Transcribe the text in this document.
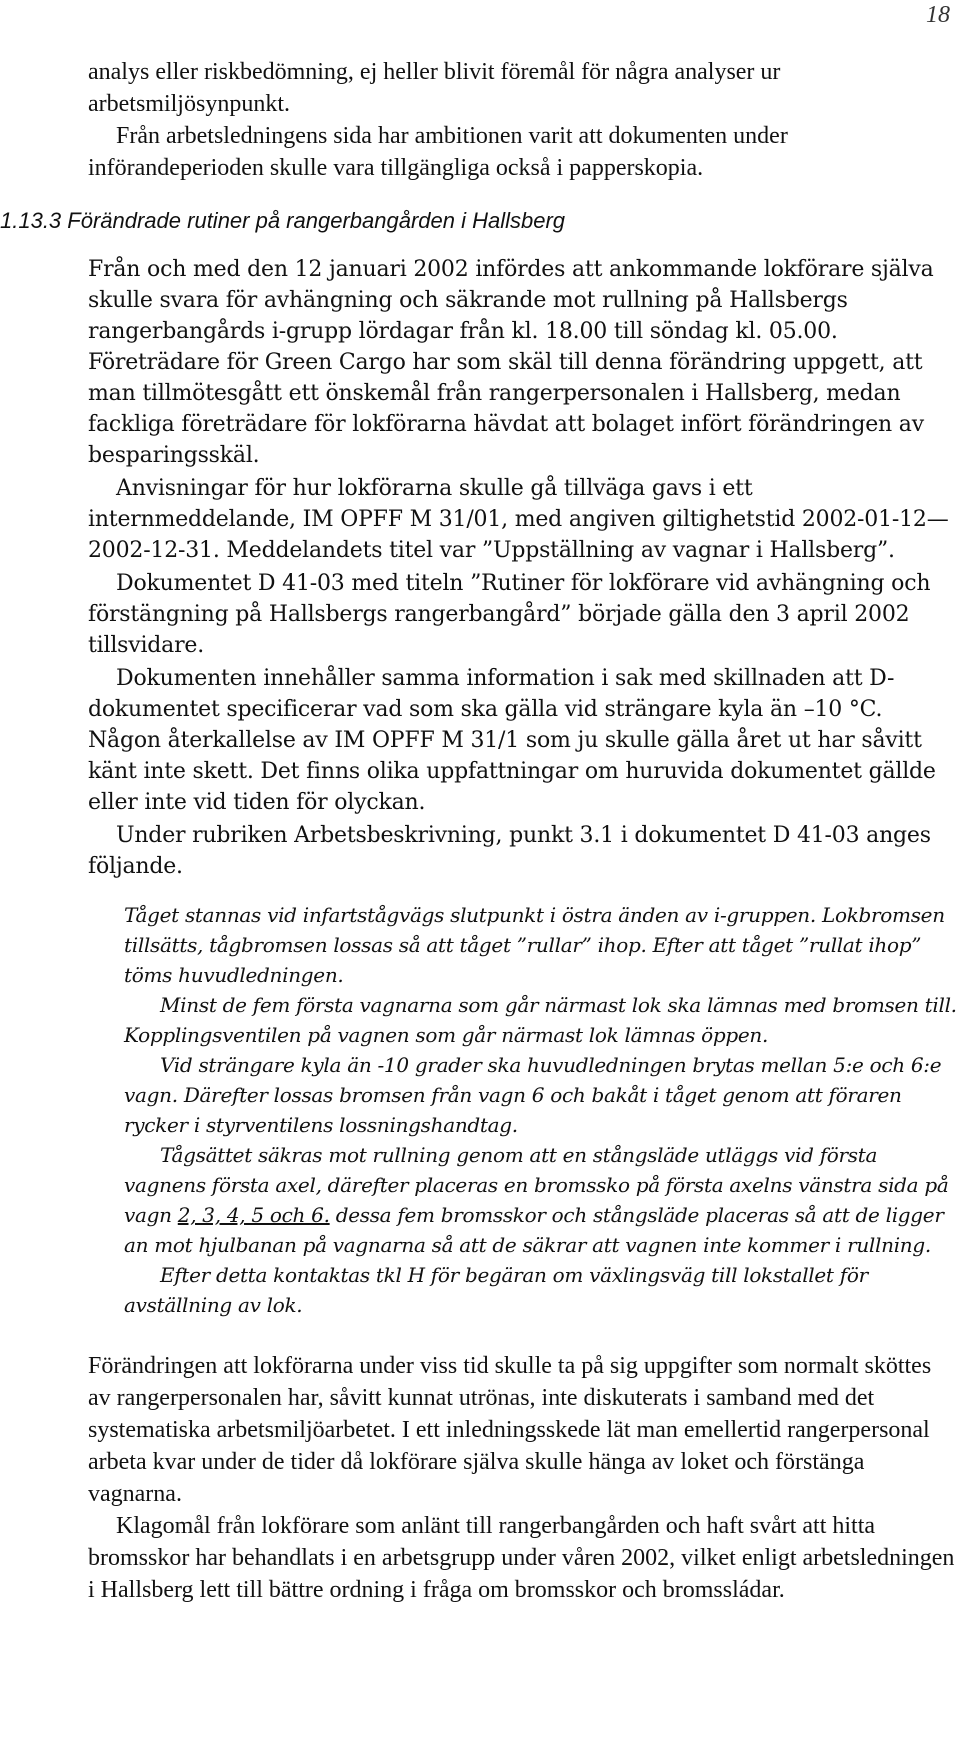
18

analys eller riskbedömning, ej heller blivit föremål för några analyser ur arbetsmiljösynpunkt.

Från arbetsledningens sida har ambitionen varit att dokumenten under införandeperioden skulle vara tillgängliga också i papperskopia.

1.13.3 Förändrade rutiner på rangerbangården i Hallsberg

Från och med den 12 januari 2002 infördes att ankommande lokförare själva skulle svara för avhängning och säkrande mot rullning på Hallsbergs rangerbangårds i-grupp lördagar från kl. 18.00 till söndag kl. 05.00. Företrädare för Green Cargo har som skäl till denna förändring uppgett, att man tillmötesgått ett önskemål från rangerpersonalen i Hallsberg, medan fackliga företrädare för lokförarna hävdat att bolaget infört förändringen av besparingsskäl.

Anvisningar för hur lokförarna skulle gå tillväga gavs i ett internmeddelande, IM OPFF M 31/01, med angiven giltighetstid 2002-01-12—2002-12-31. Meddelandets titel var ”Uppställning av vagnar i Hallsberg”.

Dokumentet D 41-03 med titeln ”Rutiner för lokförare vid avhängning och förstängning på Hallsbergs rangerbangård” började gälla den 3 april 2002 tillsvidare.

Dokumenten innehåller samma information i sak med skillnaden att D-dokumentet specificerar vad som ska gälla vid strängare kyla än –10 °C. Någon återkallelse av IM OPFF M 31/1 som ju skulle gälla året ut har såvitt känt inte skett. Det finns olika uppfattningar om huruvida dokumentet gällde eller inte vid tiden för olyckan.

Under rubriken Arbetsbeskrivning, punkt 3.1 i dokumentet D 41-03 anges följande.

Tåget stannas vid infartstågvägs slutpunkt i östra änden av i-gruppen. Lokbromsen tillsätts, tågbromsen lossas så att tåget ”rullar” ihop. Efter att tåget ”rullat ihop” töms huvudledningen.

Minst de fem första vagnarna som går närmast lok ska lämnas med bromsen till. Kopplingsventilen på vagnen som går närmast lok lämnas öppen.

Vid strängare kyla än -10 grader ska huvudledningen brytas mellan 5:e och 6:e vagn. Därefter lossas bromsen från vagn 6 och bakåt i tåget genom att föraren rycker i styrventilens lossningshandtag.

Tågsättet säkras mot rullning genom att en stångsläde utläggs vid första vagnens första axel, därefter placeras en bromssko på första axelns vänstra sida på vagn 2, 3, 4, 5 och 6. dessa fem bromsskor och stångsläde placeras så att de ligger an mot hjulbanan på vagnarna så att de säkrar att vagnen inte kommer i rullning.

Efter detta kontaktas tkl H för begäran om växlingsväg till lokstallet för avställning av lok.

Förändringen att lokförarna under viss tid skulle ta på sig uppgifter som normalt sköttes av rangerpersonalen har, såvitt kunnat utrönas, inte diskuterats i samband med det systematiska arbetsmiljöarbetet. I ett inledningsskede lät man emellertid rangerpersonal arbeta kvar under de tider då lokförare själva skulle hänga av loket och förstänga vagnarna.

Klagomål från lokförare som anlänt till rangerbangården och haft svårt att hitta bromsskor har behandlats i en arbetsgrupp under våren 2002, vilket enligt arbetsledningen i Hallsberg lett till bättre ordning i fråga om bromsskor och bromssládar.
